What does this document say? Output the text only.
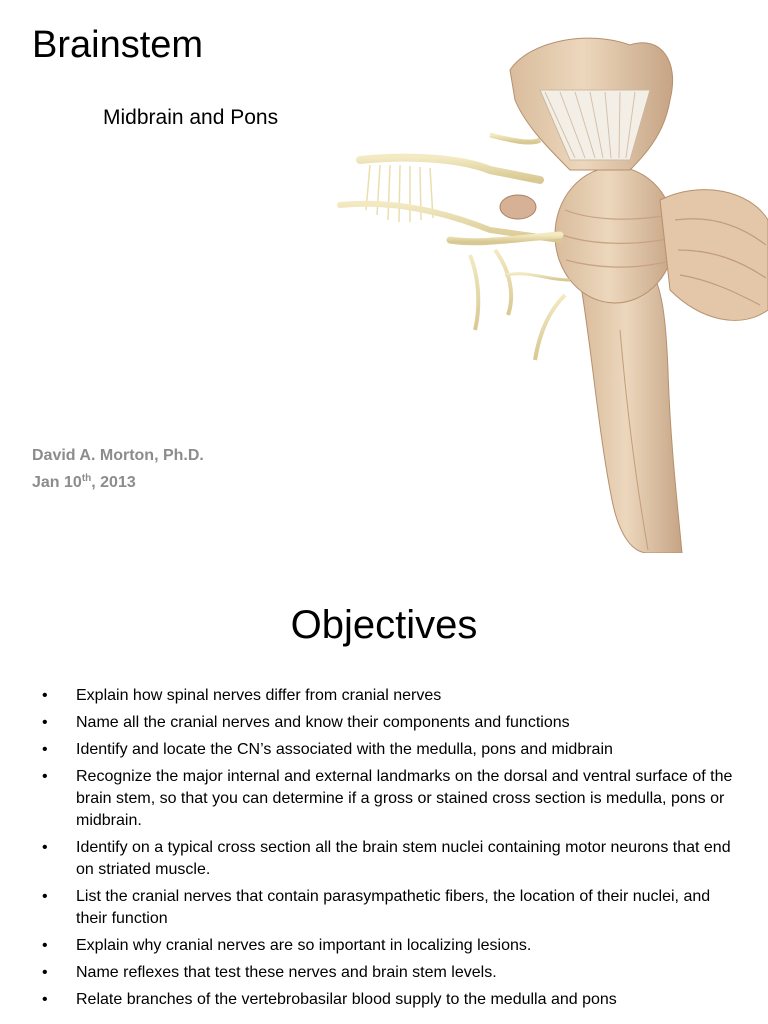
Brainstem
Midbrain and Pons
David A. Morton, Ph.D.
Jan 10th, 2013
Objectives
• Explain how spinal nerves differ from cranial nerves
• Name all the cranial nerves and know their components and functions
• Identify and locate the CN’s associated with the medulla, pons and midbrain
• Recognize the major internal and external landmarks on the dorsal and ventral surface of the brain stem, so that you can determine if a gross or stained cross section is medulla, pons or midbrain.
• Identify on a typical cross section all the brain stem nuclei containing motor neurons that end on striated muscle.
• List the cranial nerves that contain parasympathetic fibers, the location of their nuclei, and their function
• Explain why cranial nerves are so important in localizing lesions.
• Name reflexes that test these nerves and brain stem levels.
• Relate branches of the vertebrobasilar blood supply to the medulla and pons
